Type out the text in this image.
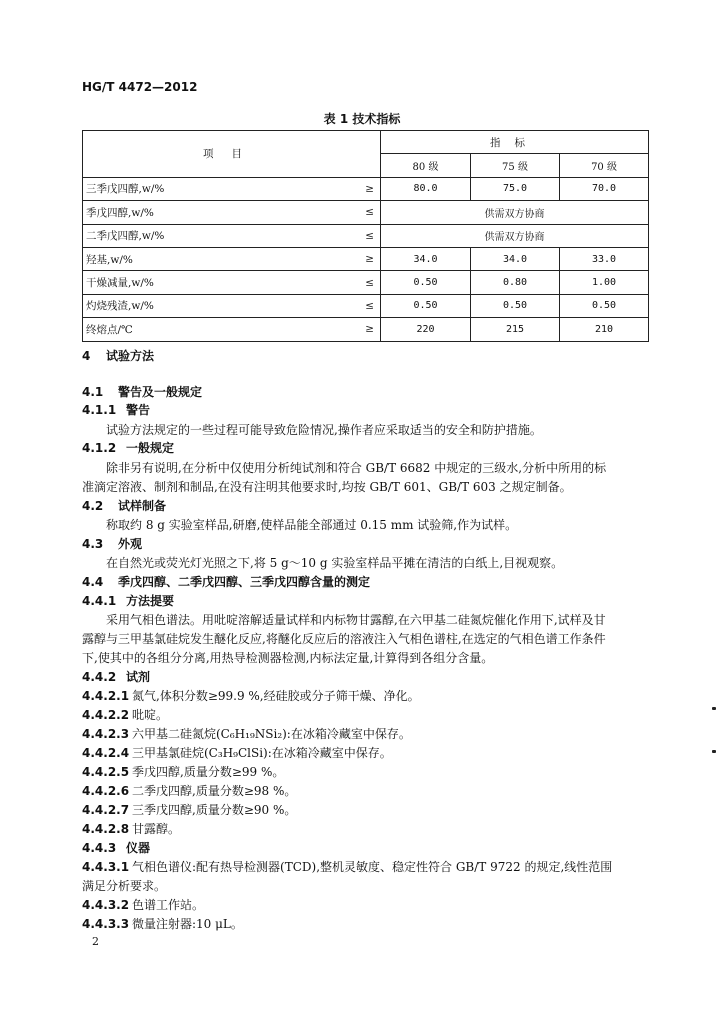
HG/T 4472—2012
表 1 技术指标
项目		指标		
		80 级	75 级	70 级
三季戊四醇,w/%	≥	80.0	75.0	70.0
季戊四醇,w/%	≤	供需双方协商		
二季戊四醇,w/%	≤	供需双方协商		
羟基,w/%	≥	34.0	34.0	33.0
干燥减量,w/%	≤	0.50	0.80	1.00
灼烧残渣,w/%	≤	0.50	0.50	0.50
终熔点/℃	≥	220	215	210
4 试验方法
4.1 警告及一般规定
4.1.1 警告
试验方法规定的一些过程可能导致危险情况,操作者应采取适当的安全和防护措施。
4.1.2 一般规定
除非另有说明,在分析中仅使用分析纯试剂和符合 GB/T 6682 中规定的三级水,分析中所用的标
准滴定溶液、制剂和制品,在没有注明其他要求时,均按 GB/T 601、GB/T 603 之规定制备。
4.2 试样制备
称取约 8 g 实验室样品,研磨,使样品能全部通过 0.15 mm 试验筛,作为试样。
4.3 外观
在自然光或荧光灯光照之下,将 5 g～10 g 实验室样品平摊在清洁的白纸上,目视观察。
4.4 季戊四醇、二季戊四醇、三季戊四醇含量的测定
4.4.1 方法提要
采用气相色谱法。用吡啶溶解适量试样和内标物甘露醇,在六甲基二硅氮烷催化作用下,试样及甘
露醇与三甲基氯硅烷发生醚化反应,将醚化反应后的溶液注入气相色谱柱,在选定的气相色谱工作条件
下,使其中的各组分分离,用热导检测器检测,内标法定量,计算得到各组分含量。
4.4.2 试剂
4.4.2.1 氮气,体积分数≥99.9 %,经硅胶或分子筛干燥、净化。
4.4.2.2 吡啶。
4.4.2.3 六甲基二硅氮烷(C₆H₁₉NSi₂):在冰箱冷藏室中保存。
4.4.2.4 三甲基氯硅烷(C₃H₉ClSi):在冰箱冷藏室中保存。
4.4.2.5 季戊四醇,质量分数≥99 %。
4.4.2.6 二季戊四醇,质量分数≥98 %。
4.4.2.7 三季戊四醇,质量分数≥90 %。
4.4.2.8 甘露醇。
4.4.3 仪器
4.4.3.1 气相色谱仪:配有热导检测器(TCD),整机灵敏度、稳定性符合 GB/T 9722 的规定,线性范围
满足分析要求。
4.4.3.2 色谱工作站。
4.4.3.3 微量注射器:10 μL。
2
